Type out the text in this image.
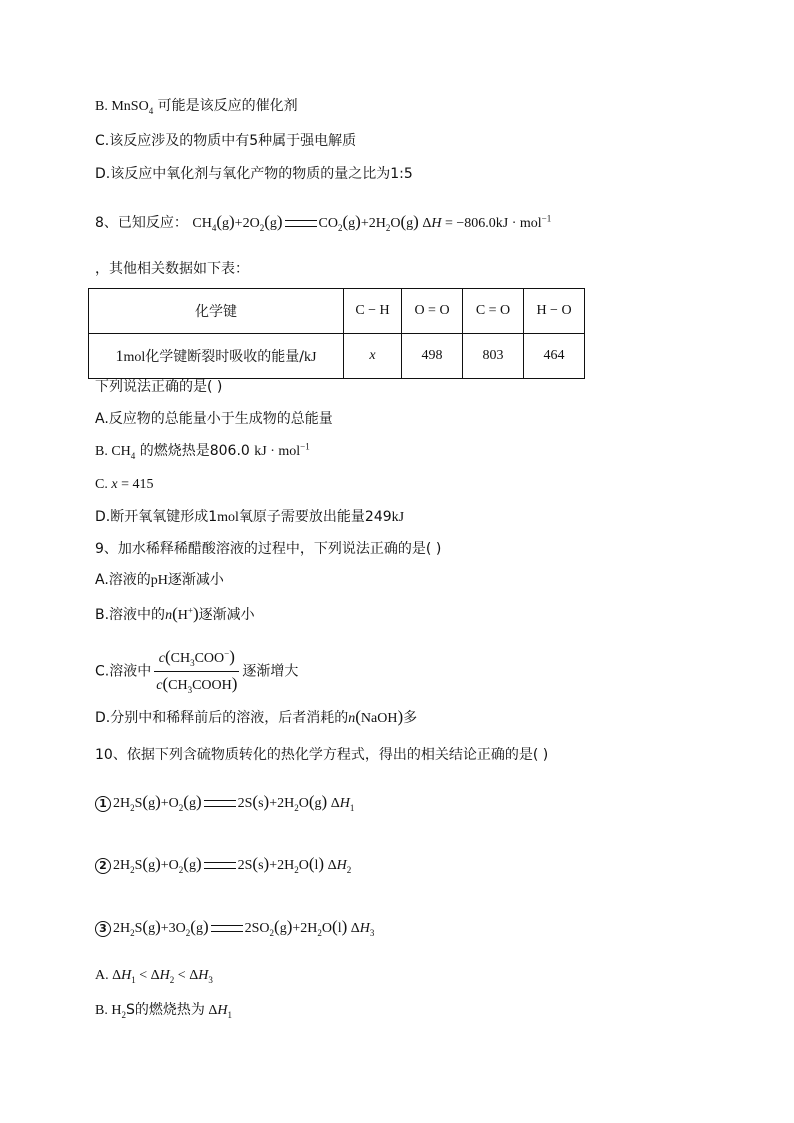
B. MnSO$_4$ 可能是该反应的催化剂
C.该反应涉及的物质中有5种属于强电解质
D.该反应中氧化剂与氧化产物的物质的量之比为1:5
8、已知反应： $CH_4(g)+2O_2(g)$	$CO_2(g)+2H_2O(g) \Delta H = -806.0kJ \cdot mol^{-1}$
，其他相关数据如下表：
化学键	C − H	O = O	C = O	H − O
1mol化学键断裂时吸收的能量/kJ	x	498	803	464
下列说法正确的是( )
A.反应物的总能量小于生成物的总能量
B. $CH_4$ 的燃烧热是806.0 kJ · mol$^{-1}$
C. x = 415
D.断开氧氧键形成1mol氧原子需要放出能量249kJ
9、加水稀释稀醋酸溶液的过程中，下列说法正确的是( )
A.溶液的pH逐渐减小
B.溶液中的n(H+)逐渐减小
C.溶液中 $\frac{c(CH_3COO^-)}{c(CH_3COOH)}$ 逐渐增大
D.分别中和稀释前后的溶液，后者消耗的n(NaOH)多
10、依据下列含硫物质转化的热化学方程式，得出的相关结论正确的是( )
1 $2H_2S(g)+O_2(g)$	$2S(s)+2H_2O(g)$ $\Delta H_1$
2 $2H_2S(g)+O_2(g)$	$2S(s)+2H_2O(l)$ $\Delta H_2$
3 $2H_2S(g)+3O_2(g)$	$2SO_2(g)+2H_2O(l)$ $\Delta H_3$
A. $\Delta H_1 < \Delta H_2 < \Delta H_3$
B. $H_2S$的燃烧热为 $\Delta H_1$
